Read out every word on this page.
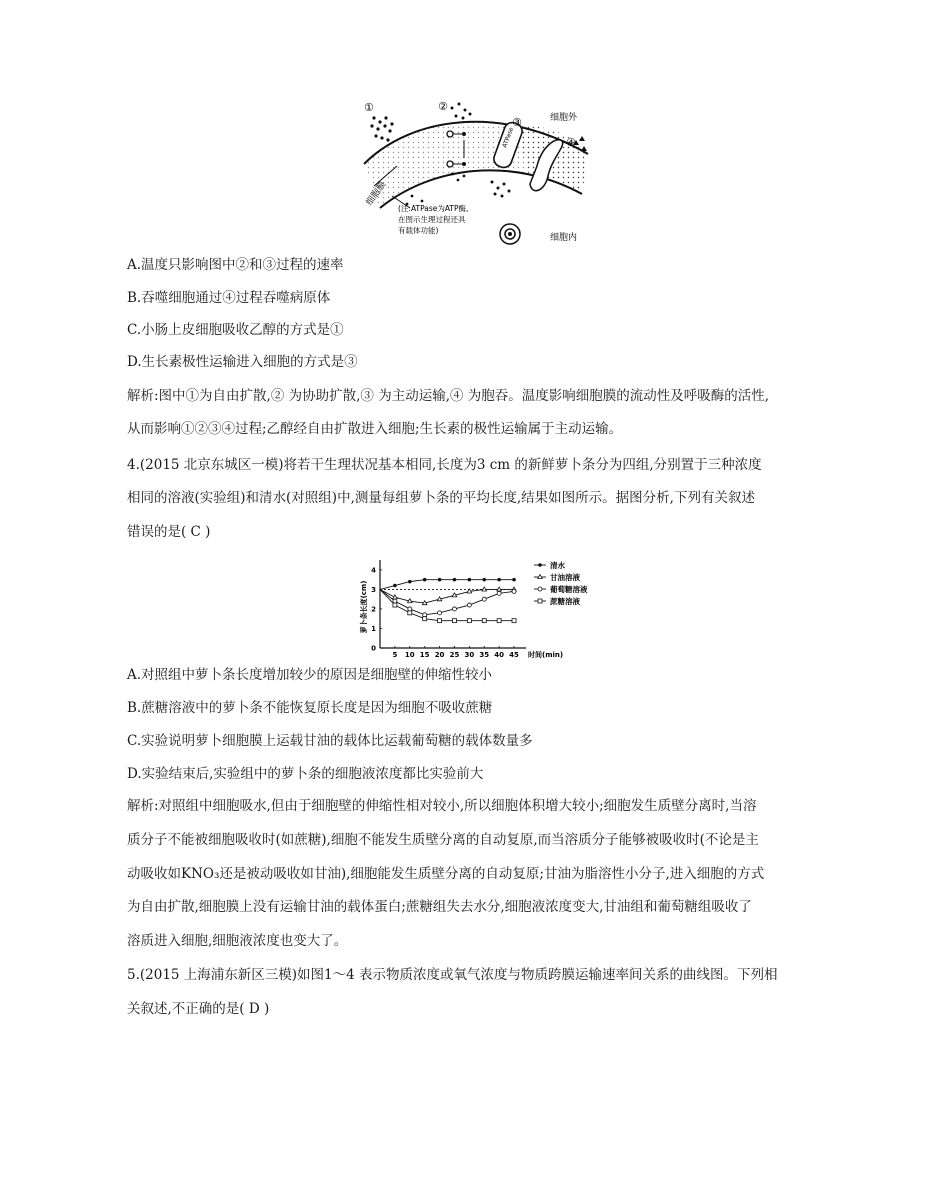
ATPase
①	②
③
④
细胞外
细胞内
细胞膜
(注:ATPase为ATP酶,
在图示生理过程还具
有载体功能)
A.温度只影响图中②和③过程的速率
B.吞噬细胞通过④过程吞噬病原体
C.小肠上皮细胞吸收乙醇的方式是①
D.生长素极性运输进入细胞的方式是③
解析:图中①为自由扩散,② 为协助扩散,③ 为主动运输,④ 为胞吞。温度影响细胞膜的流动性及呼吸酶的活性,
从而影响①②③④过程;乙醇经自由扩散进入细胞;生长素的极性运输属于主动运输。
4.(2015 北京东城区一模)将若干生理状况基本相同,长度为3 cm 的新鲜萝卜条分为四组,分别置于三种浓度
相同的溶液(实验组)和清水(对照组)中,测量每组萝卜条的平均长度,结果如图所示。据图分析,下列有关叙述
错误的是( C )
5 10 15 20 25 30 35 40 45
0
1
2
3
4
时间(min)
萝卜条长度(cm)
清水
甘油溶液
葡萄糖溶液
蔗糖溶液
A.对照组中萝卜条长度增加较少的原因是细胞壁的伸缩性较小
B.蔗糖溶液中的萝卜条不能恢复原长度是因为细胞不吸收蔗糖
C.实验说明萝卜细胞膜上运载甘油的载体比运载葡萄糖的载体数量多
D.实验结束后,实验组中的萝卜条的细胞液浓度都比实验前大
解析:对照组中细胞吸水,但由于细胞壁的伸缩性相对较小,所以细胞体积增大较小;细胞发生质壁分离时,当溶
质分子不能被细胞吸收时(如蔗糖),细胞不能发生质壁分离的自动复原,而当溶质分子能够被吸收时(不论是主
动吸收如KNO₃还是被动吸收如甘油),细胞能发生质壁分离的自动复原;甘油为脂溶性小分子,进入细胞的方式
为自由扩散,细胞膜上没有运输甘油的载体蛋白;蔗糖组失去水分,细胞液浓度变大,甘油组和葡萄糖组吸收了
溶质进入细胞,细胞液浓度也变大了。
5.(2015 上海浦东新区三模)如图1～4 表示物质浓度或氧气浓度与物质跨膜运输速率间关系的曲线图。下列相
关叙述,不正确的是( D )
